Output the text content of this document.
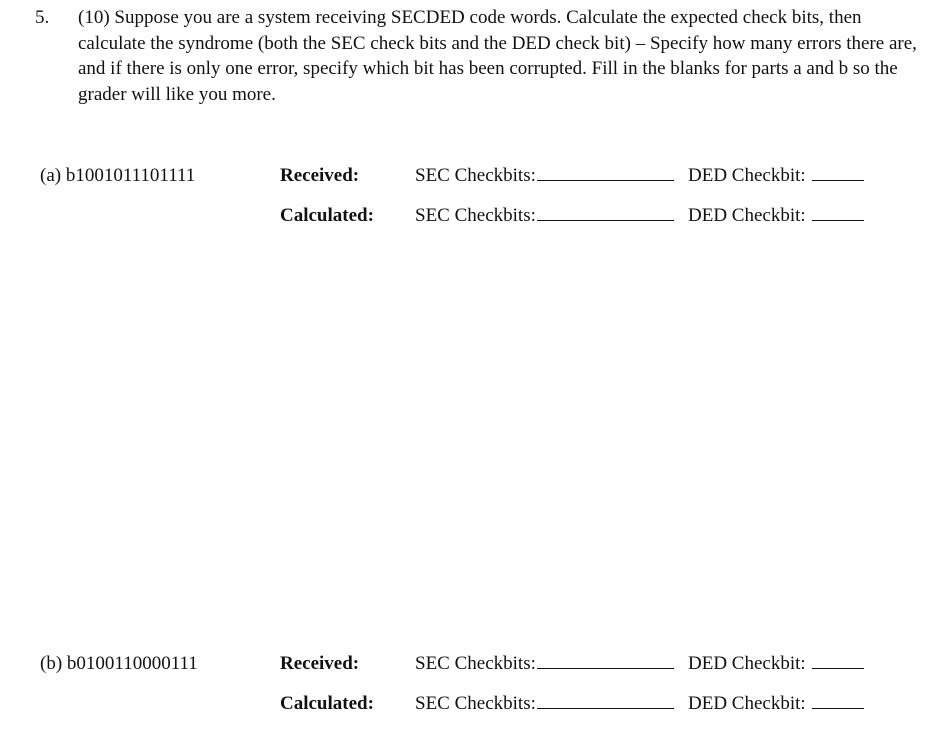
5. (10) Suppose you are a system receiving SECDED code words. Calculate the expected check bits, then calculate the syndrome (both the SEC check bits and the DED check bit) – Specify how many errors there are, and if there is only one error, specify which bit has been corrupted. Fill in the blanks for parts a and b so the grader will like you more.
(a) b1001011101111	Received:	SEC Checkbits:	DED Checkbit:
Calculated: SEC Checkbits:	DED Checkbit:
(b) b0100110000111	Received:	SEC Checkbits:	DED Checkbit:
Calculated: SEC Checkbits:	DED Checkbit:
